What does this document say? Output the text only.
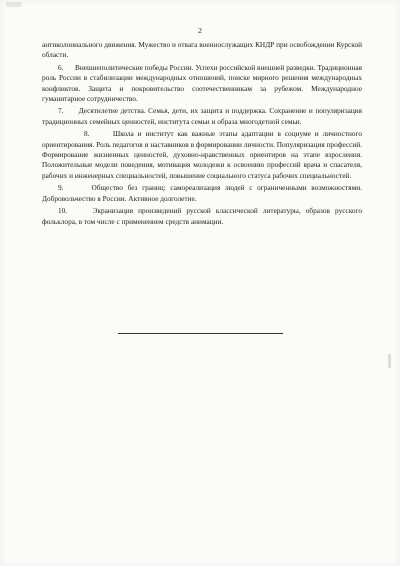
2

антиколониального движения. Мужество и отвага военнослужащих КНДР при освобождении Курской области.

6. Внешнеполитические победы России. Успехи российской внешней разведки. Традиционная роль России в стабилизации международных отношений, поиске мирного решения международных конфликтов. Защита и покровительство соотечественникам за рубежом. Международное гуманитарное сотрудничество.

7. Десятилетие детства. Семья, дети, их защита и поддержка. Сохранение и популяризация традиционных семейных ценностей, института семьи и образа многодетной семьи.

8.	Школа и институт как важные этапы адаптации в социуме и личностного ориентирования. Роль педагогов и наставников в формировании личности. Популяризация профессий. Формирование жизненных ценностей, духовно-нравственных ориентиров на этапе взросления. Положительные модели поведения, мотивация молодежи к освоению профессий врача и спасателя, рабочих и инженерных специальностей, повышение социального статуса рабочих специальностей.

9.	Общество без границ: самореализация людей с ограниченными возможностями. Добровольчество в России. Активное долголетие.

10.	Экранизация произведений русской классической литературы, образов русского фольклора, в том числе с применением средств анимации.
